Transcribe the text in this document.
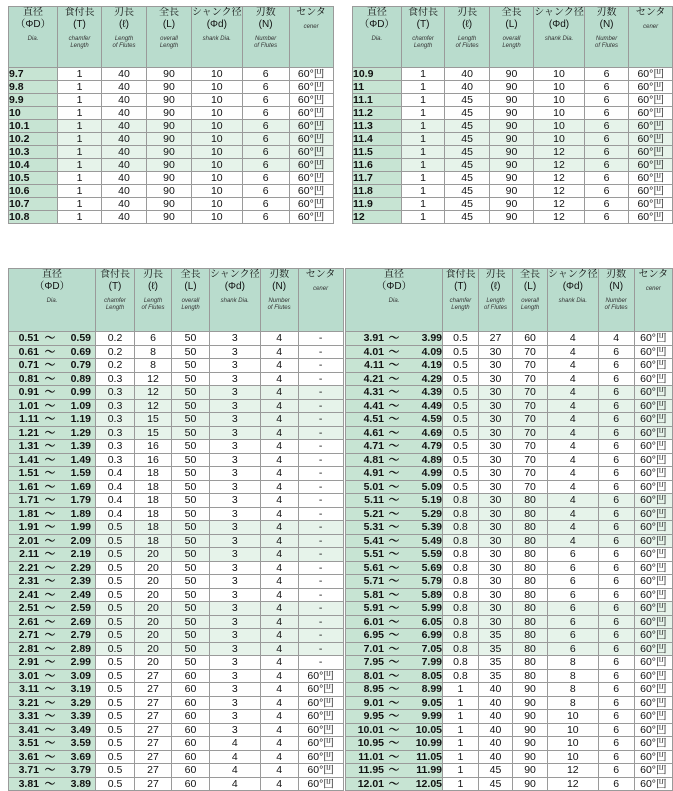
直径
（ΦD）
Dia.	食付長
(T)
chamfer
Length	刃長
(ℓ)
Length
of Flutes	全長
(L)
overall
Length	シャンク径
(Φd)
shank Dia.	刃数
(N)
Number
of Flutes	センタ
cener

9.7	1	40	90	10	6	60°凹
9.8	1	40	90	10	6	60°凹
9.9	1	40	90	10	6	60°凹
10	1	40	90	10	6	60°凹
10.1	1	40	90	10	6	60°凹
10.2	1	40	90	10	6	60°凹
10.3	1	40	90	10	6	60°凹
10.4	1	40	90	10	6	60°凹
10.5	1	40	90	10	6	60°凹
10.6	1	40	90	10	6	60°凹
10.7	1	40	90	10	6	60°凹
10.8	1	40	90	10	6	60°凹
直径
（ΦD）
Dia.	食付長
(T)
chamfer
Length	刃長
(ℓ)
Length
of Flutes	全長
(L)
overall
Length	シャンク径
(Φd)
shank Dia.	刃数
(N)
Number
of Flutes	センタ
cener

10.9	1	40	90	10	6	60°凹
11	1	40	90	10	6	60°凹
11.1	1	45	90	10	6	60°凹
11.2	1	45	90	10	6	60°凹
11.3	1	45	90	10	6	60°凹
11.4	1	45	90	10	6	60°凹
11.5	1	45	90	12	6	60°凹
11.6	1	45	90	12	6	60°凹
11.7	1	45	90	12	6	60°凹
11.8	1	45	90	12	6	60°凹
11.9	1	45	90	12	6	60°凹
12	1	45	90	12	6	60°凹
直径
（ΦD）
Dia.	食付長
(T)
chamfer
Length	刃長
(ℓ)
Length
of Flutes	全長
(L)
overall
Length	シャンク径
(Φd)
shank Dia.	刃数
(N)
Number
of Flutes	センタ
cener

0.51 ～ 0.59	0.2	6	50	3	4	-
0.61 ～ 0.69	0.2	8	50	3	4	-
0.71 ～ 0.79	0.2	8	50	3	4	-
0.81 ～ 0.89	0.3	12	50	3	4	-
0.91 ～ 0.99	0.3	12	50	3	4	-
1.01 ～ 1.09	0.3	12	50	3	4	-
1.11 ～ 1.19	0.3	15	50	3	4	-
1.21 ～ 1.29	0.3	15	50	3	4	-
1.31 ～ 1.39	0.3	16	50	3	4	-
1.41 ～ 1.49	0.3	16	50	3	4	-
1.51 ～ 1.59	0.4	18	50	3	4	-
1.61 ～ 1.69	0.4	18	50	3	4	-
1.71 ～ 1.79	0.4	18	50	3	4	-
1.81 ～ 1.89	0.4	18	50	3	4	-
1.91 ～ 1.99	0.5	18	50	3	4	-
2.01 ～ 2.09	0.5	18	50	3	4	-
2.11 ～ 2.19	0.5	20	50	3	4	-
2.21 ～ 2.29	0.5	20	50	3	4	-
2.31 ～ 2.39	0.5	20	50	3	4	-
2.41 ～ 2.49	0.5	20	50	3	4	-
2.51 ～ 2.59	0.5	20	50	3	4	-
2.61 ～ 2.69	0.5	20	50	3	4	-
2.71 ～ 2.79	0.5	20	50	3	4	-
2.81 ～ 2.89	0.5	20	50	3	4	-
2.91 ～ 2.99	0.5	20	50	3	4	-
3.01 ～ 3.09	0.5	27	60	3	4	60°凹
3.11 ～ 3.19	0.5	27	60	3	4	60°凹
3.21 ～ 3.29	0.5	27	60	3	4	60°凹
3.31 ～ 3.39	0.5	27	60	3	4	60°凹
3.41 ～ 3.49	0.5	27	60	3	4	60°凹
3.51 ～ 3.59	0.5	27	60	4	4	60°凹
3.61 ～ 3.69	0.5	27	60	4	4	60°凹
3.71 ～ 3.79	0.5	27	60	4	4	60°凹
3.81 ～ 3.89	0.5	27	60	4	4	60°凹
直径
（ΦD）
Dia.	食付長
(T)
chamfer
Length	刃長
(ℓ)
Length
of Flutes	全長
(L)
overall
Length	シャンク径
(Φd)
shank Dia.	刃数
(N)
Number
of Flutes	センタ
cener

3.91 ～ 3.99	0.5	27	60	4	4	60°凹
4.01 ～ 4.09	0.5	30	70	4	6	60°凹
4.11 ～ 4.19	0.5	30	70	4	6	60°凹
4.21 ～ 4.29	0.5	30	70	4	6	60°凹
4.31 ～ 4.39	0.5	30	70	4	6	60°凹
4.41 ～ 4.49	0.5	30	70	4	6	60°凹
4.51 ～ 4.59	0.5	30	70	4	6	60°凹
4.61 ～ 4.69	0.5	30	70	4	6	60°凹
4.71 ～ 4.79	0.5	30	70	4	6	60°凹
4.81 ～ 4.89	0.5	30	70	4	6	60°凹
4.91 ～ 4.99	0.5	30	70	4	6	60°凹
5.01 ～ 5.09	0.5	30	70	4	6	60°凹
5.11 ～ 5.19	0.8	30	80	4	6	60°凹
5.21 ～ 5.29	0.8	30	80	4	6	60°凹
5.31 ～ 5.39	0.8	30	80	4	6	60°凹
5.41 ～ 5.49	0.8	30	80	4	6	60°凹
5.51 ～ 5.59	0.8	30	80	6	6	60°凹
5.61 ～ 5.69	0.8	30	80	6	6	60°凹
5.71 ～ 5.79	0.8	30	80	6	6	60°凹
5.81 ～ 5.89	0.8	30	80	6	6	60°凹
5.91 ～ 5.99	0.8	30	80	6	6	60°凹
6.01 ～ 6.05	0.8	30	80	6	6	60°凹
6.95 ～ 6.99	0.8	35	80	6	6	60°凹
7.01 ～ 7.05	0.8	35	80	6	6	60°凹
7.95 ～ 7.99	0.8	35	80	8	6	60°凹
8.01 ～ 8.05	0.8	35	80	8	6	60°凹
8.95 ～ 8.99	1	40	90	8	6	60°凹
9.01 ～ 9.05	1	40	90	8	6	60°凹
9.95 ～ 9.99	1	40	90	10	6	60°凹
10.01 ～ 10.05	1	40	90	10	6	60°凹
10.95 ～ 10.99	1	40	90	10	6	60°凹
11.01 ～ 11.05	1	40	90	10	6	60°凹
11.95 ～ 11.99	1	45	90	12	6	60°凹
12.01 ～ 12.05	1	45	90	12	6	60°凹
